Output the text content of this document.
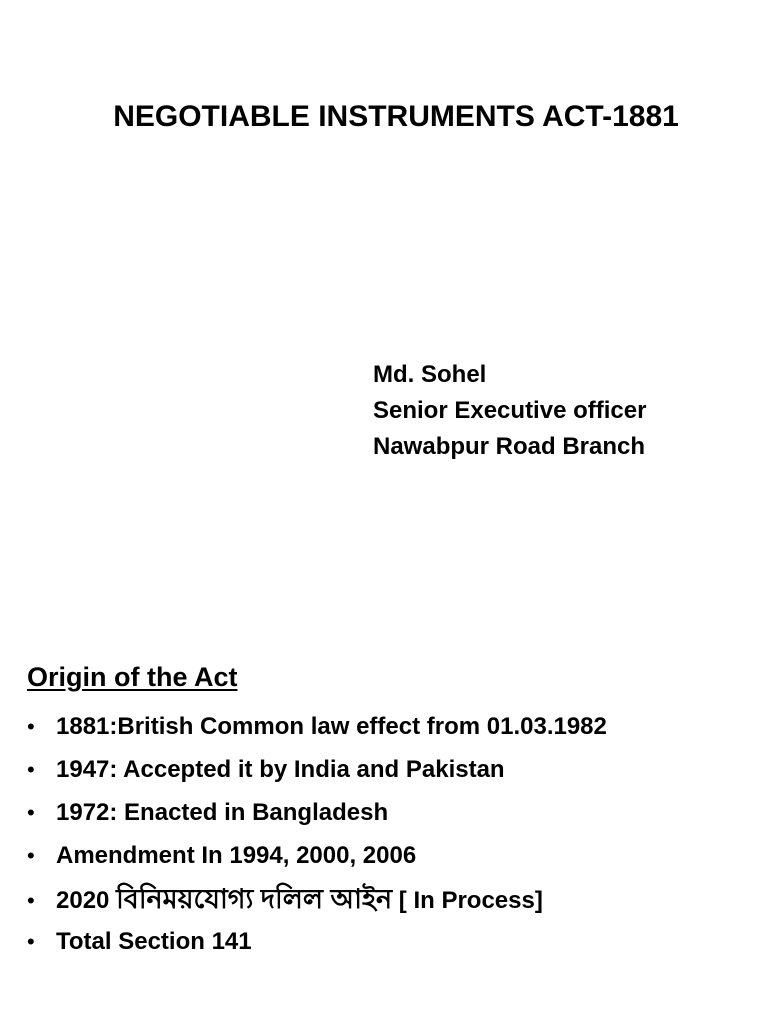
NEGOTIABLE INSTRUMENTS ACT-1881
Md. Sohel
Senior Executive officer
Nawabpur Road Branch
Origin of the Act
• 1881:British Common law effect from 01.03.1982
• 1947: Accepted it by India and Pakistan
• 1972: Enacted in Bangladesh
• Amendment In 1994, 2000, 2006
• 2020 বিনিময়যোগ্য দলিল আইন [ In Process]
• Total Section 141
